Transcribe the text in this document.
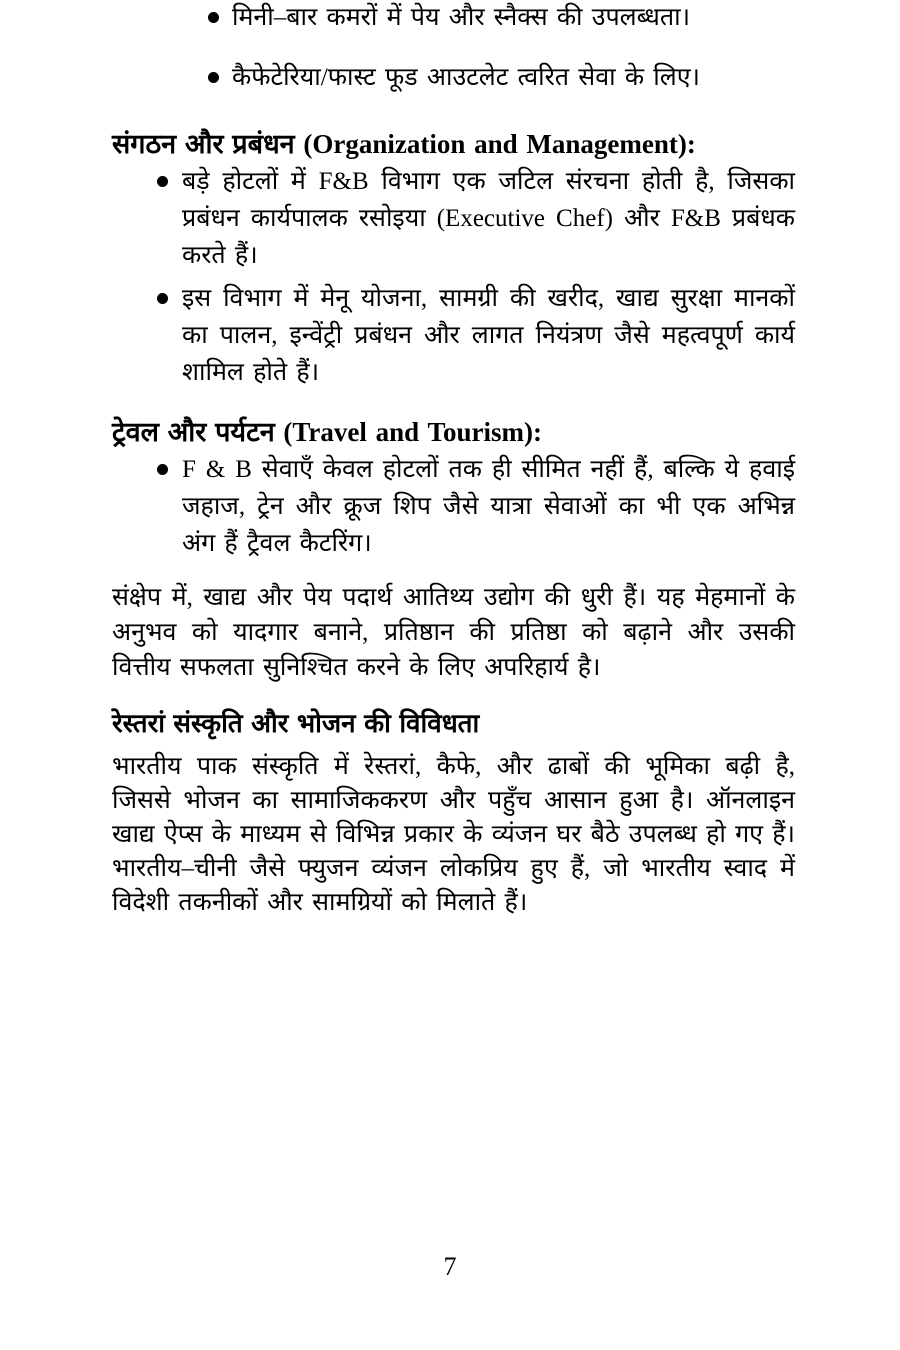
मिनी–बार कमरों में पेय और स्नैक्स की उपलब्धता।
कैफेटेरिया/फास्ट फूड आउटलेट त्वरित सेवा के लिए।
संगठन और प्रबंधन (Organization and Management):
बड़े होटलों में F&B विभाग एक जटिल संरचना होती है, जिसका प्रबंधन कार्यपालक रसोइया (Executive Chef) और F&B प्रबंधक करते हैं।
इस विभाग में मेनू योजना, सामग्री की खरीद, खाद्य सुरक्षा मानकों का पालन, इन्वेंट्री प्रबंधन और लागत नियंत्रण जैसे महत्वपूर्ण कार्य शामिल होते हैं।
ट्रेवल और पर्यटन (Travel and Tourism):
F & B सेवाएँ केवल होटलों तक ही सीमित नहीं हैं, बल्कि ये हवाई जहाज, ट्रेन और क्रूज शिप जैसे यात्रा सेवाओं का भी एक अभिन्न अंग हैं ट्रैवल कैटरिंग।

संक्षेप में, खाद्य और पेय पदार्थ आतिथ्य उद्योग की धुरी हैं। यह मेहमानों के अनुभव को यादगार बनाने, प्रतिष्ठान की प्रतिष्ठा को बढ़ाने और उसकी वित्तीय सफलता सुनिश्चित करने के लिए अपरिहार्य है।

रेस्तरां संस्कृति और भोजन की विविधता

भारतीय पाक संस्कृति में रेस्तरां, कैफे, और ढाबों की भूमिका बढ़ी है, जिससे भोजन का सामाजिककरण और पहुँच आसान हुआ है। ऑनलाइन खाद्य ऐप्स के माध्यम से विभिन्न प्रकार के व्यंजन घर बैठे उपलब्ध हो गए हैं। भारतीय–चीनी जैसे फ्युजन व्यंजन लोकप्रिय हुए हैं, जो भारतीय स्वाद में विदेशी तकनीकों और सामग्रियों को मिलाते हैं।

7
